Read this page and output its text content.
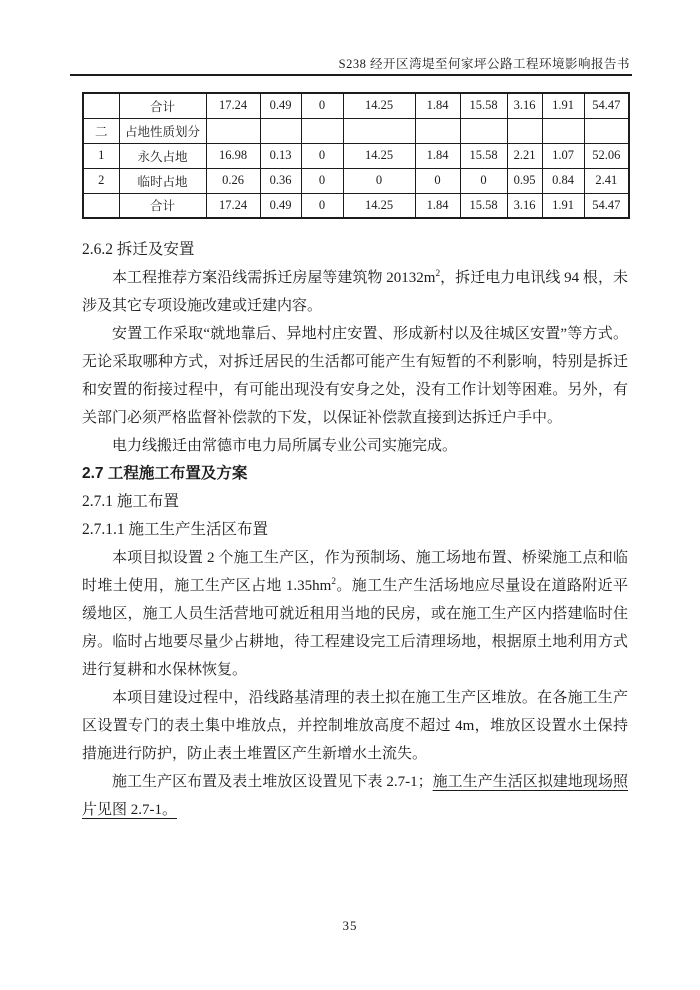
S238 经开区湾堤至何家坪公路工程环境影响报告书
	合计	17.24	0.49	0	14.25	1.84	15.58	3.16	1.91	54.47
二	占地性质划分									
1	永久占地	16.98	0.13	0	14.25	1.84	15.58	2.21	1.07	52.06
2	临时占地	0.26	0.36	0	0	0	0	0.95	0.84	2.41
	合计	17.24	0.49	0	14.25	1.84	15.58	3.16	1.91	54.47
2.6.2 拆迁及安置
本工程推荐方案沿线需拆迁房屋等建筑物 $20132m^2$，拆迁电力电讯线 94 根，未涉及其它专项设施改建或迁建内容。
安置工作采取“就地靠后、异地村庄安置、形成新村以及往城区安置”等方式。无论采取哪种方式，对拆迁居民的生活都可能产生有短暂的不利影响，特别是拆迁和安置的衔接过程中，有可能出现没有安身之处，没有工作计划等困难。另外，有关部门必须严格监督补偿款的下发，以保证补偿款直接到达拆迁户手中。
电力线搬迁由常德市电力局所属专业公司实施完成。
2.7 工程施工布置及方案
2.7.1 施工布置
2.7.1.1 施工生产生活区布置
本项目拟设置 2 个施工生产区，作为预制场、施工场地布置、桥梁施工点和临时堆土使用，施工生产区占地 $1.35hm^2$。施工生产生活场地应尽量设在道路附近平缓地区，施工人员生活营地可就近租用当地的民房，或在施工生产区内搭建临时住房。临时占地要尽量少占耕地，待工程建设完工后清理场地，根据原土地利用方式进行复耕和水保林恢复。
本项目建设过程中，沿线路基清理的表土拟在施工生产区堆放。在各施工生产区设置专门的表土集中堆放点，并控制堆放高度不超过 4m，堆放区设置水土保持措施进行防护，防止表土堆置区产生新增水土流失。
施工生产区布置及表土堆放区设置见下表 2.7-1；施工生产生活区拟建地现场照片见图 2.7-1。
35
